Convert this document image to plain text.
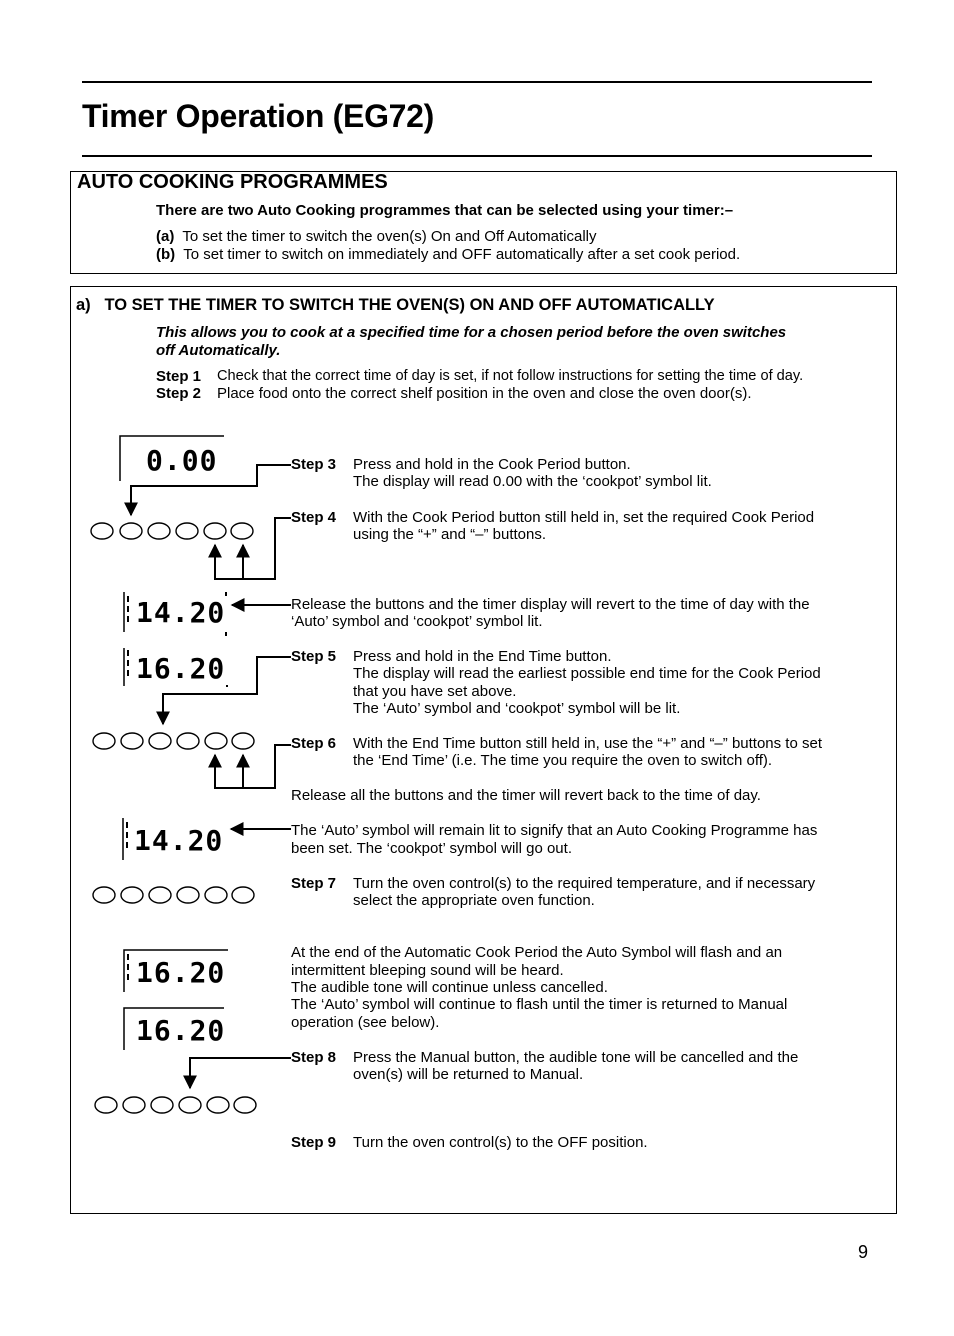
Timer Operation (EG72)
AUTO COOKING PROGRAMMES
There are two Auto Cooking programmes that can be selected using your timer:–
(a) To set the timer to switch the oven(s) On and Off Automatically
(b) To set timer to switch on immediately and OFF automatically after a set cook period.
a) TO SET THE TIMER TO SWITCH THE OVEN(S) ON AND OFF AUTOMATICALLY
This allows you to cook at a specified time for a chosen period before the oven switches
off Automatically.
Step 1 Check that the correct time of day is set, if not follow instructions for setting the time of day.
Step 2 Place food onto the correct shelf position in the oven and close the oven door(s).
Step 3 Press and hold in the Cook Period button.
The display will read 0.00 with the ‘cookpot’ symbol lit.
Step 4 With the Cook Period button still held in, set the required Cook Period
using the “+” and “–” buttons.
Release the buttons and the timer display will revert to the time of day with the
‘Auto’ symbol and ‘cookpot’ symbol lit.
Step 5 Press and hold in the End Time button.
The display will read the earliest possible end time for the Cook Period
that you have set above.
The ‘Auto’ symbol and ‘cookpot’ symbol will be lit.
Step 6 With the End Time button still held in, use the “+” and “–” buttons to set
the ‘End Time’ (i.e. The time you require the oven to switch off).
Release all the buttons and the timer will revert back to the time of day.
The ‘Auto’ symbol will remain lit to signify that an Auto Cooking Programme has
been set. The ‘cookpot’ symbol will go out.
Step 7 Turn the oven control(s) to the required temperature, and if necessary
select the appropriate oven function.
At the end of the Automatic Cook Period the Auto Symbol will flash and an
intermittent bleeping sound will be heard.
The audible tone will continue unless cancelled.
The ‘Auto’ symbol will continue to flash until the timer is returned to Manual
operation (see below).
Step 8 Press the Manual button, the audible tone will be cancelled and the
oven(s) will be returned to Manual.
Step 9 Turn the oven control(s) to the OFF position.
0.00
14.20
16.20
14.20
16.20
16.20
9
